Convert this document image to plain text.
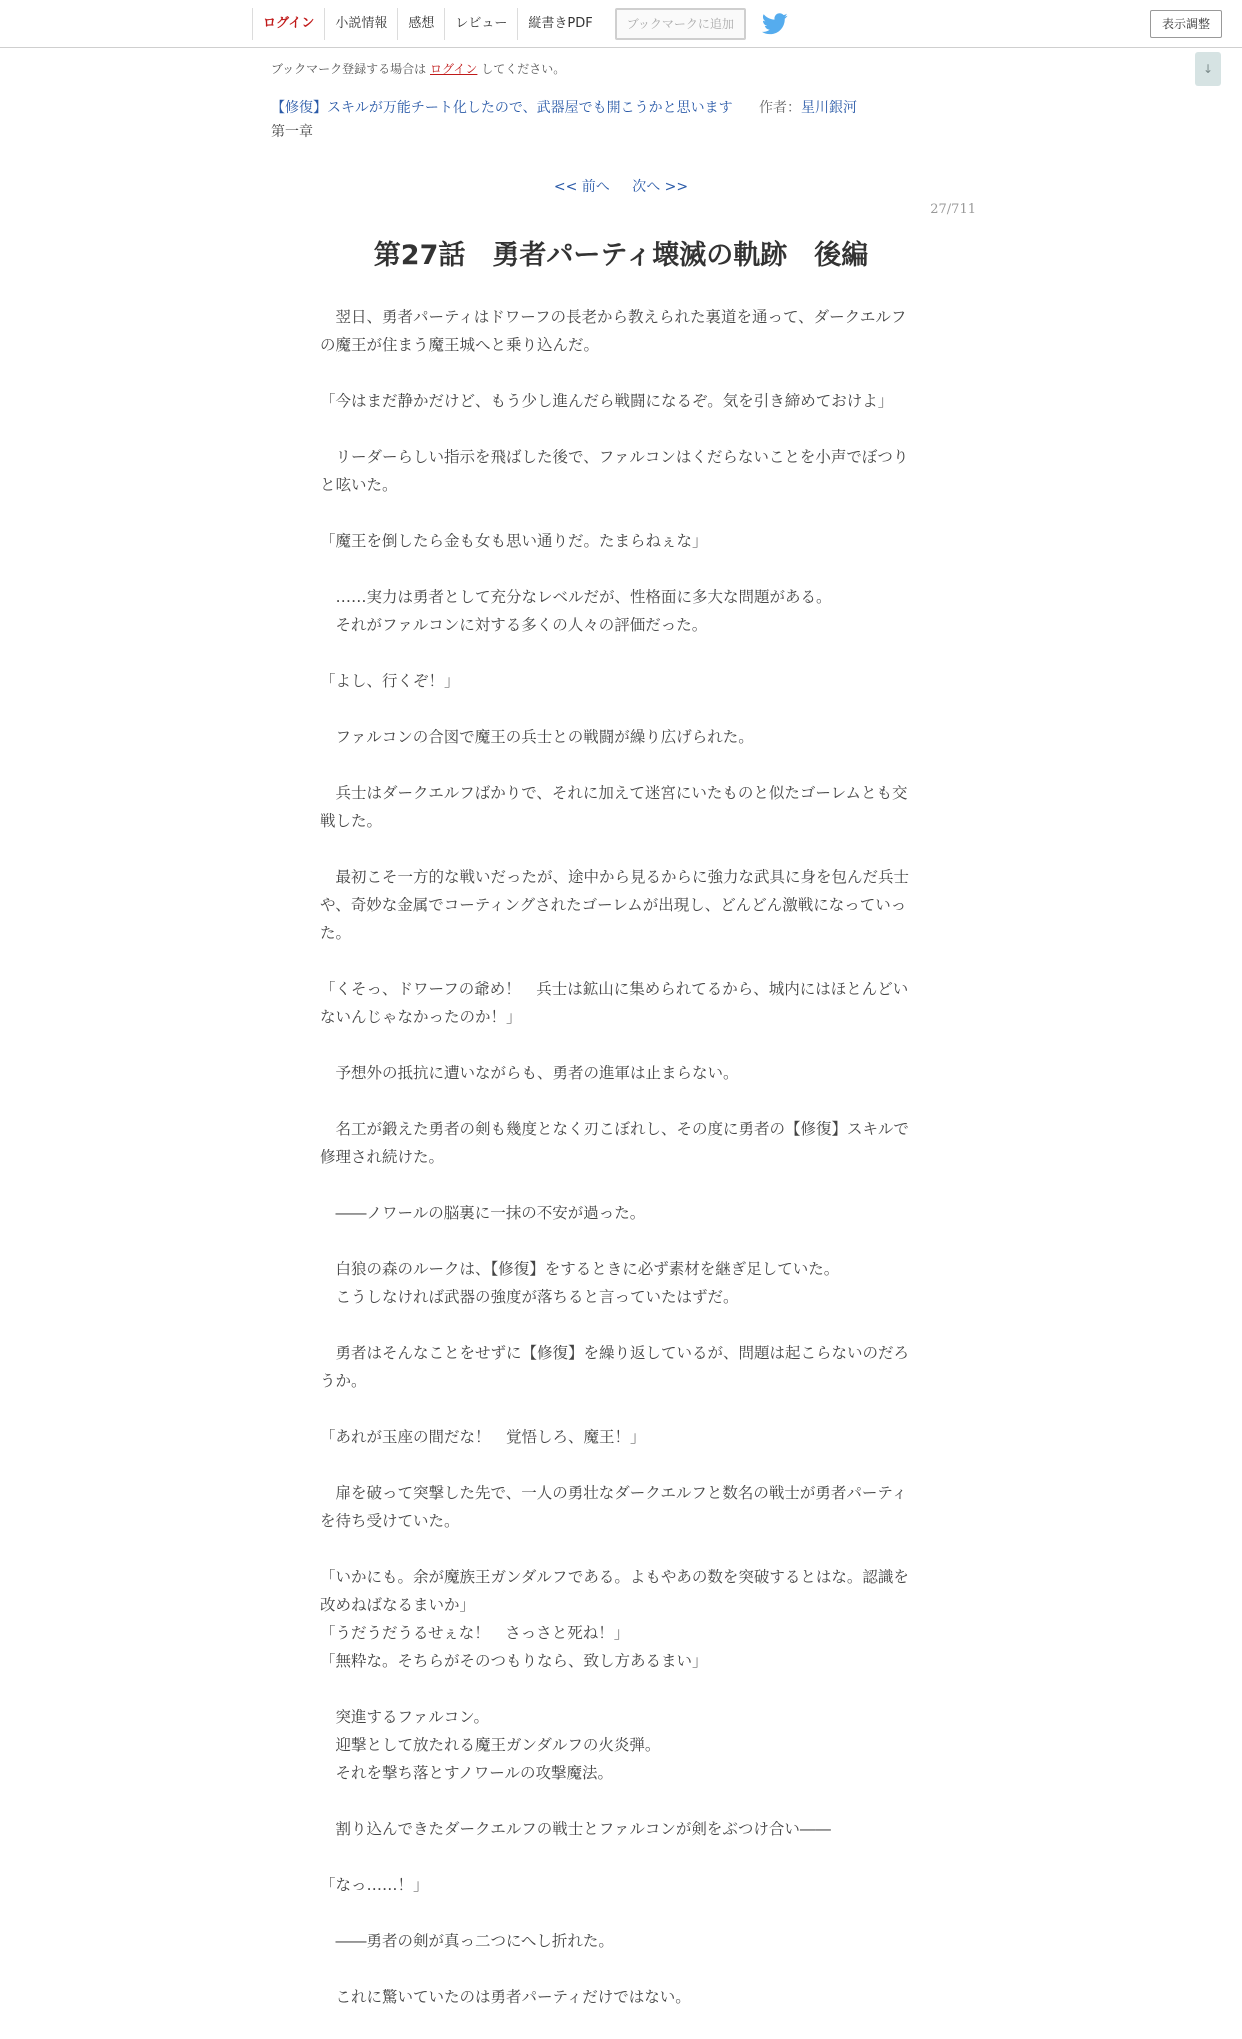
ログイン	小説情報	感想	レビュー	縦書きPDF	ブックマークに追加	表示調整
↓
ブックマーク登録する場合は ログイン してください。
【修復】スキルが万能チート化したので、武器屋でも開こうかと思います 作者：星川銀河
第一章
<< 前へ 次へ >>
27/711
第27話　勇者パーティ壊滅の軌跡　後編

　翌日、勇者パーティはドワーフの長老から教えられた裏道を通って、ダークエルフの魔王が住まう魔王城へと乗り込んだ。

「今はまだ静かだけど、もう少し進んだら戦闘になるぞ。気を引き締めておけよ」

　リーダーらしい指示を飛ばした後で、ファルコンはくだらないことを小声でぼつりと呟いた。

「魔王を倒したら金も女も思い通りだ。たまらねぇな」

　……実力は勇者として充分なレベルだが、性格面に多大な問題がある。
　それがファルコンに対する多くの人々の評価だった。

「よし、行くぞ！」

　ファルコンの合図で魔王の兵士との戦闘が繰り広げられた。

　兵士はダークエルフばかりで、それに加えて迷宮にいたものと似たゴーレムとも交戦した。

　最初こそ一方的な戦いだったが、途中から見るからに強力な武具に身を包んだ兵士や、奇妙な金属でコーティングされたゴーレムが出現し、どんどん激戦になっていった。

「くそっ、ドワーフの爺め！　兵士は鉱山に集められてるから、城内にはほとんどいないんじゃなかったのか！」

　予想外の抵抗に遭いながらも、勇者の進軍は止まらない。

　名工が鍛えた勇者の剣も幾度となく刃こぼれし、その度に勇者の【修復】スキルで修理され続けた。

　――ノワールの脳裏に一抹の不安が過った。

　白狼の森のルークは、【修復】をするときに必ず素材を継ぎ足していた。
　こうしなければ武器の強度が落ちると言っていたはずだ。

　勇者はそんなことをせずに【修復】を繰り返しているが、問題は起こらないのだろうか。

「あれが玉座の間だな！　覚悟しろ、魔王！」

　扉を破って突撃した先で、一人の勇壮なダークエルフと数名の戦士が勇者パーティを待ち受けていた。

「いかにも。余が魔族王ガンダルフである。よもやあの数を突破するとはな。認識を改めねばなるまいか」
「うだうだうるせぇな！　さっさと死ね！」
「無粋な。そちらがそのつもりなら、致し方あるまい」

　突進するファルコン。
　迎撃として放たれる魔王ガンダルフの火炎弾。
　それを撃ち落とすノワールの攻撃魔法。

　割り込んできたダークエルフの戦士とファルコンが剣をぶつけ合い――

「なっ……！」

　――勇者の剣が真っ二つにへし折れた。

　これに驚いていたのは勇者パーティだけではない。
